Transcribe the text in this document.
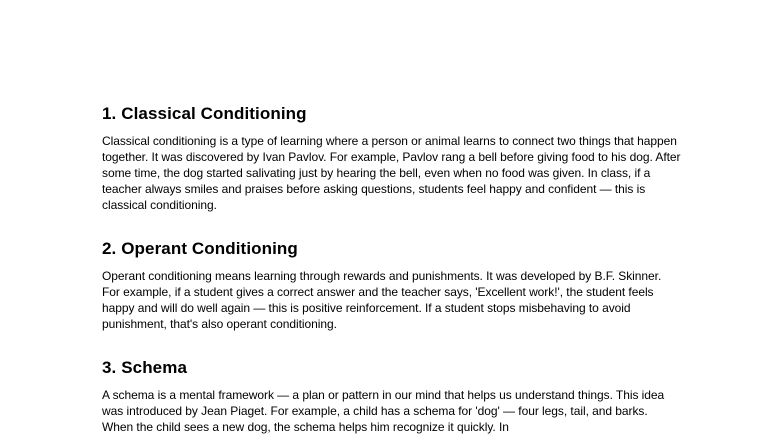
1. Classical Conditioning

Classical conditioning is a type of learning where a person or animal learns to connect two things that happen together. It was discovered by Ivan Pavlov. For example, Pavlov rang a bell before giving food to his dog. After some time, the dog started salivating just by hearing the bell, even when no food was given. In class, if a teacher always smiles and praises before asking questions, students feel happy and confident — this is classical conditioning.

2. Operant Conditioning

Operant conditioning means learning through rewards and punishments. It was developed by B.F. Skinner. For example, if a student gives a correct answer and the teacher says, 'Excellent work!', the student feels happy and will do well again — this is positive reinforcement. If a student stops misbehaving to avoid punishment, that's also operant conditioning.

3. Schema

A schema is a mental framework — a plan or pattern in our mind that helps us understand things. This idea was introduced by Jean Piaget. For example, a child has a schema for 'dog' — four legs, tail, and barks. When the child sees a new dog, the schema helps him recognize it quickly. In
